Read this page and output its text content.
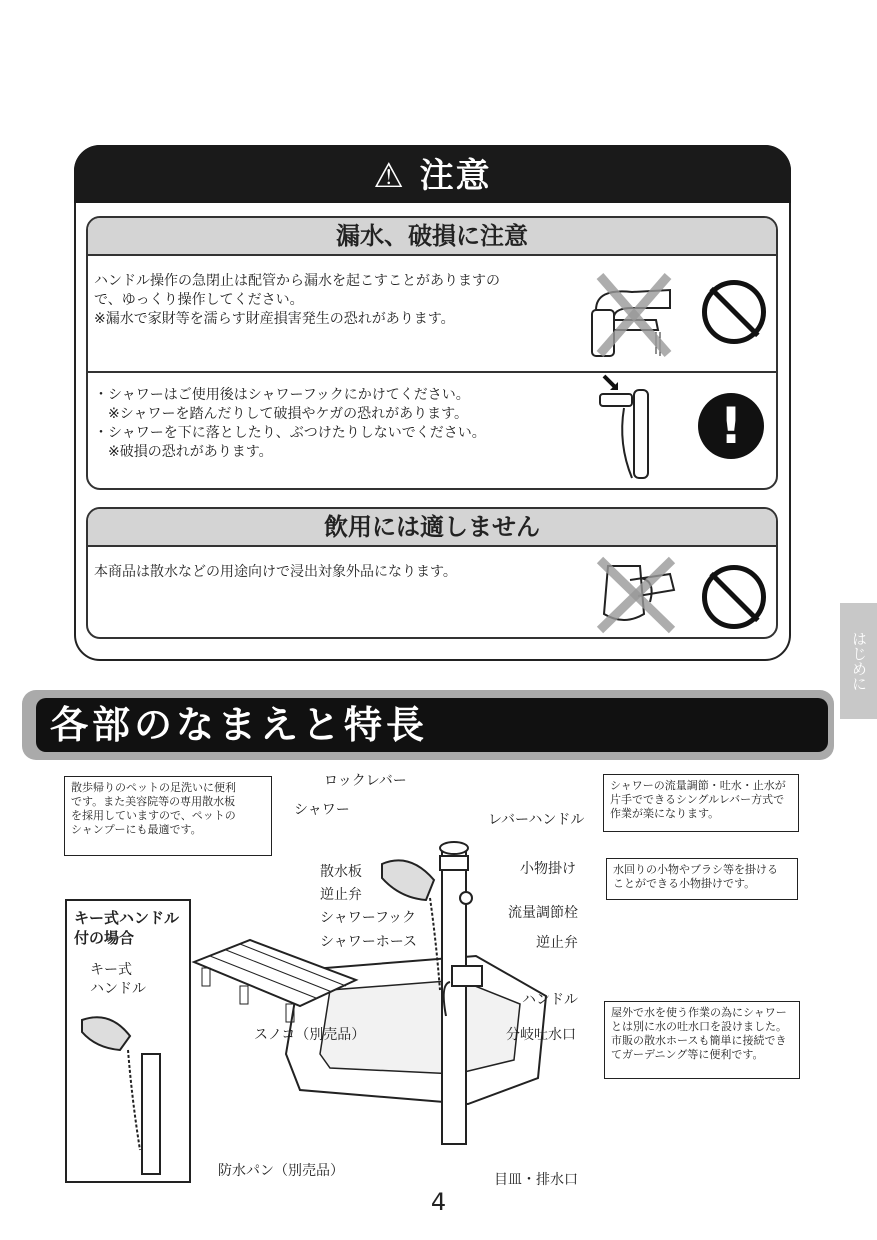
⚠ 注意
漏水、破損に注意
ハンドル操作の急閉止は配管から漏水を起こすことがありますの
で、ゆっくり操作してください。
※漏水で家財等を濡らす財産損害発生の恐れがあります。
・シャワーはご使用後はシャワーフックにかけてください。
　※シャワーを踏んだりして破損やケガの恐れがあります。
・シャワーを下に落としたり、ぶつけたりしないでください。
　※破損の恐れがあります。	!
飲用には適しません
本商品は散水などの用途向けで浸出対象外品になります。
はじめに
各部のなまえと特長
散歩帰りのペットの足洗いに便利
です。また美容院等の専用散水板
を採用していますので、ペットの
シャンプーにも最適です。
シャワーの流量調節・吐水・止水が
片手でできるシングルレバー方式で
作業が楽になります。
水回りの小物やブラシ等を掛ける
ことができる小物掛けです。
屋外で水を使う作業の為にシャワー
とは別に水の吐水口を設けました。
市販の散水ホースも簡単に接続でき
てガーデニング等に便利です。
ロックレバー
シャワー
レバーハンドル
小物掛け
散水板
逆止弁
シャワーフック
シャワーホース
流量調節栓
逆止弁
ハンドル
分岐吐水口
スノコ（別売品）
防水パン（別売品）
目皿・排水口
キー式ハンドル
付の場合
キー式
ハンドル
4
